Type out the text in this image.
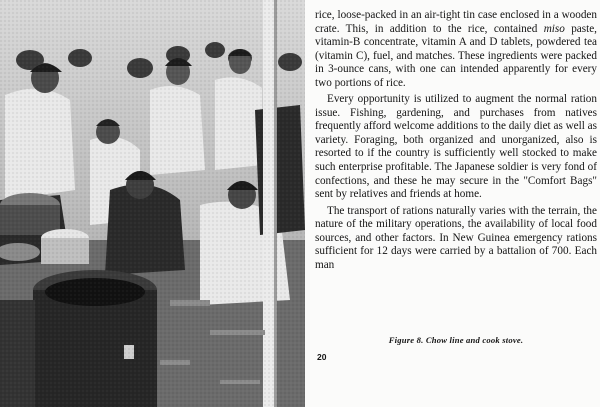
rice, loose-packed in an air-tight tin case enclosed in a wooden crate. This, in addition to the rice, contained miso paste, vitamin-B concentrate, vitamin A and D tablets, powdered tea (vitamin C), fuel, and matches. These ingredients were packed in 3-ounce cans, with one can intended apparently for every two portions of rice.

Every opportunity is utilized to augment the normal ration issue. Fishing, gardening, and purchases from natives frequently afford welcome additions to the daily diet as well as variety. Foraging, both organized and unorganized, also is resorted to if the country is sufficiently well stocked to make such enterprise profitable. The Japanese soldier is very fond of confections, and these he may secure in the "Comfort Bags" sent by relatives and friends at home.

The transport of rations naturally varies with the terrain, the nature of the military operations, the availability of local food sources, and other factors. In New Guinea emergency rations sufficient for 12 days were carried by a battalion of 700. Each man

Figure 8. Chow line and cook stove.
20
